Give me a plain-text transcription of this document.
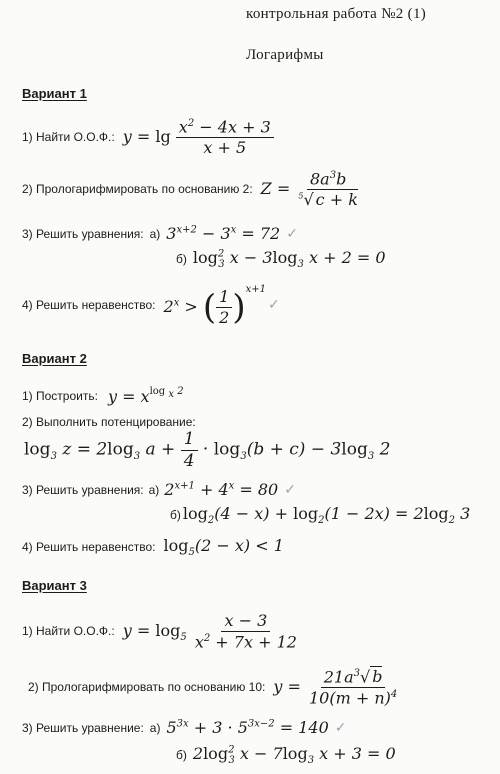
контрольная работа №2 (1)
Логарифмы
Вариант 1
1) Найти О.О.Ф.: $y = \lg \frac{x^2 - 4x + 3}{x + 5}$
2) Прологарифмировать по основанию 2: $Z = \frac{8a^3b}{^5√ c + k}$
3) Решить уравнения: а) $3^{x+2} - 3^x = 72$ ✓
б) $\log^2_3 x - 3\log_3$ x + 2 = 0
4) Решить неравенство: $2^x$ > ( $\frac{1}{2} )^{x+1}$
✓
Вариант 2
1) Построить: $y = x^{log _x 2}$
2) Выполнить потенцирование:
$\log_3 z = 2\log_3$ $a + \frac{1}{4} \cdot \log_3(b + c) - 3\log_3$ 2
3) Решить уравнения: а) $2^{x+1} + 4^x = 80$ ✓
б) $\log_2(4 - x) + \log_2(1 - 2x) = 2\log_2$ 3
4) Решить неравенство: $\log_5(2 - x) < 1$
Вариант 3
1) Найти О.О.Ф.: $y = \log_5 \frac{x - 3}{x^2 + 7x + 12}$
2) Прологарифмировать по основанию 10: $y = \frac{21a^3√ b}{10(m + n)^4}$
3) Решить уравнение: а) $5^{3x} + 3 \cdot 5^{3x-2} = 140$ ✓
б) $2\log^2_3$ $x - 7\log_3$ x + 3 = 0
